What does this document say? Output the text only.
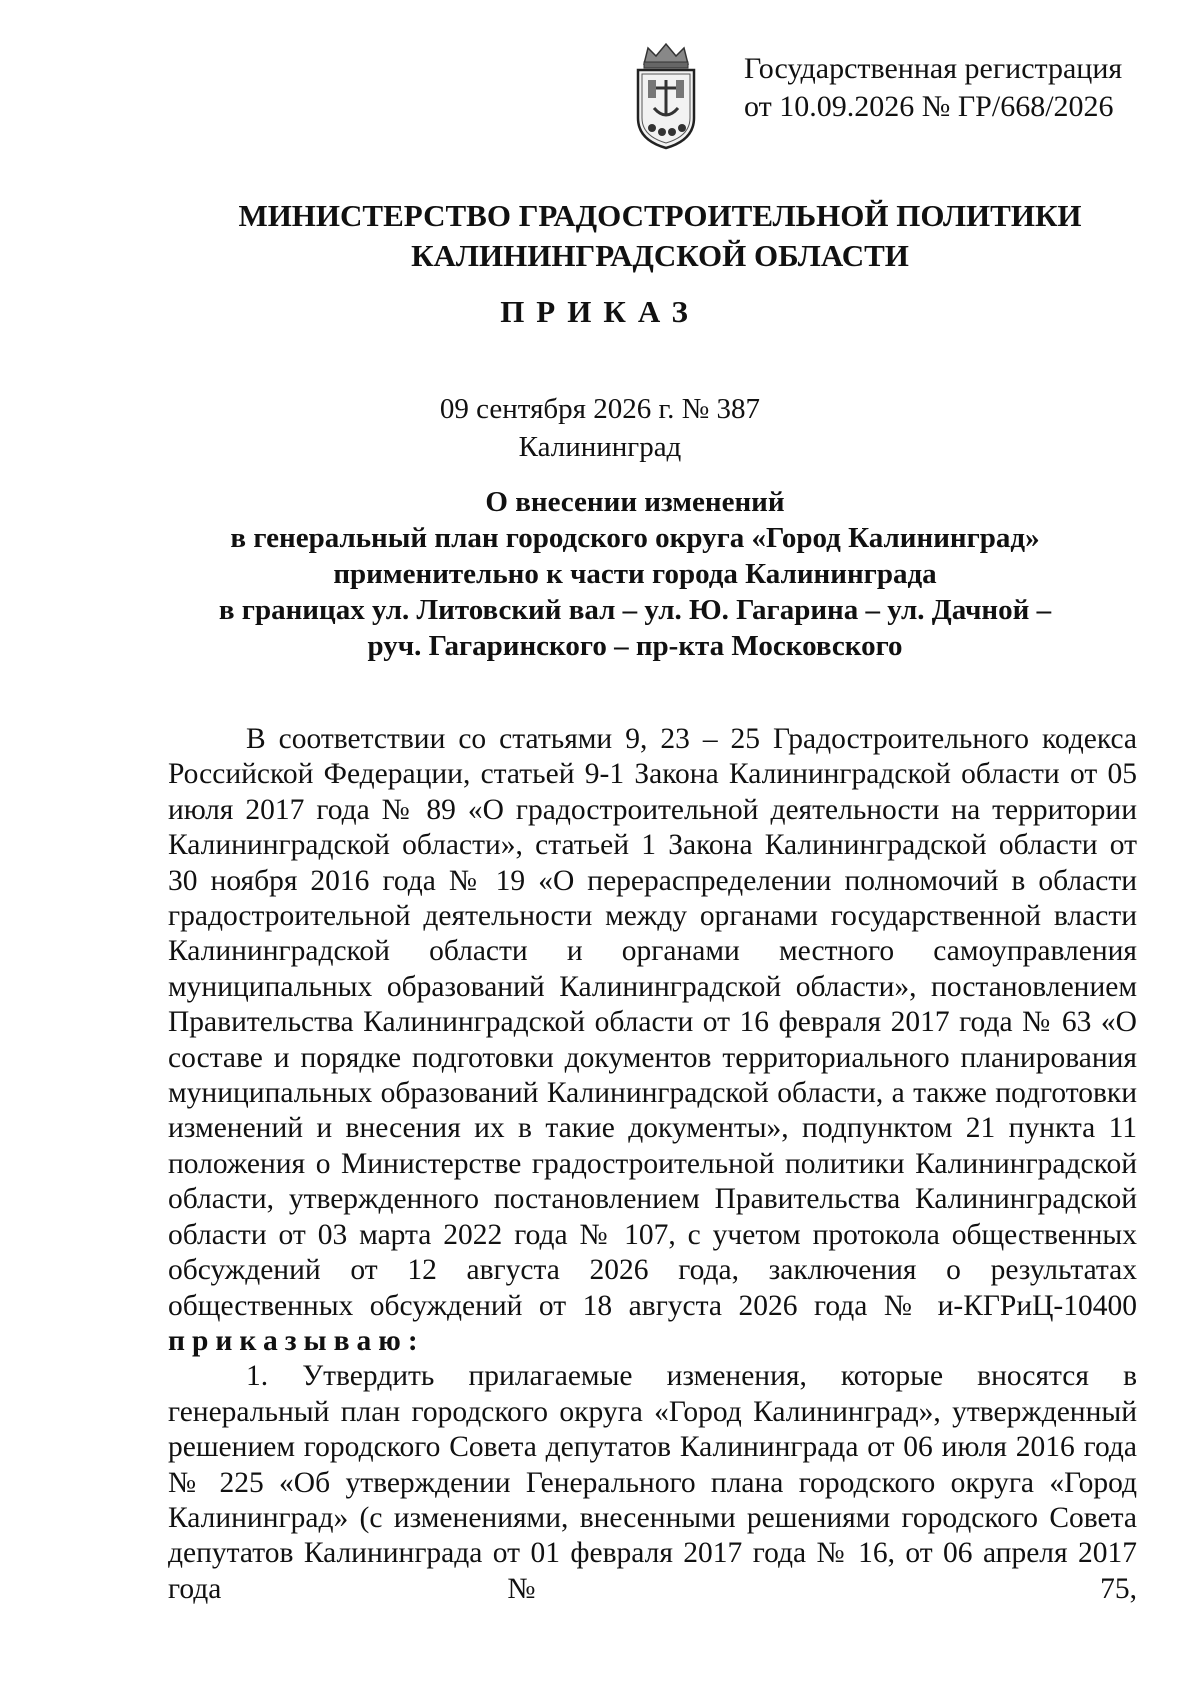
Государственная регистрация
от 10.09.2026 № ГР/668/2026
МИНИСТЕРСТВО ГРАДОСТРОИТЕЛЬНОЙ ПОЛИТИКИ
КАЛИНИНГРАДСКОЙ ОБЛАСТИ
ПРИКАЗ
09 сентября 2026 г. № 387
Калининград
О внесении изменений
в генеральный план городского округа «Город Калининград»
применительно к части города Калининграда
в границах ул. Литовский вал – ул. Ю. Гагарина – ул. Дачной –
руч. Гагаринского – пр-кта Московского

В соответствии со статьями 9, 23 – 25 Градостроительного кодекса Российской Федерации, статьей 9-1 Закона Калининградской области от 05 июля 2017 года № 89 «О градостроительной деятельности на территории Калининградской области», статьей 1 Закона Калининградской области от 30 ноября 2016 года № 19 «О перераспределении полномочий в области градостроительной деятельности между органами государственной власти Калининградской области и органами местного самоуправления муниципальных образований Калининградской области», постановлением Правительства Калининградской области от 16 февраля 2017 года № 63 «О составе и порядке подготовки документов территориального планирования муниципальных образований Калининградской области, а также подготовки изменений и внесения их в такие документы», подпунктом 21 пункта 11 положения о Министерстве градостроительной политики Калининградской области, утвержденного постановлением Правительства Калининградской области от 03 марта 2022 года № 107, с учетом протокола общественных обсуждений от 12 августа 2026 года, заключения о результатах общественных обсуждений от 18 августа 2026 года № и-КГРиЦ-10400 приказываю:

1. Утвердить прилагаемые изменения, которые вносятся в генеральный план городского округа «Город Калининград», утвержденный решением городского Совета депутатов Калининграда от 06 июля 2016 года № 225 «Об утверждении Генерального плана городского округа «Город Калининград» (с изменениями, внесенными решениями городского Совета депутатов Калининграда от 01 февраля 2017 года № 16, от 06 апреля 2017 года № 75,
